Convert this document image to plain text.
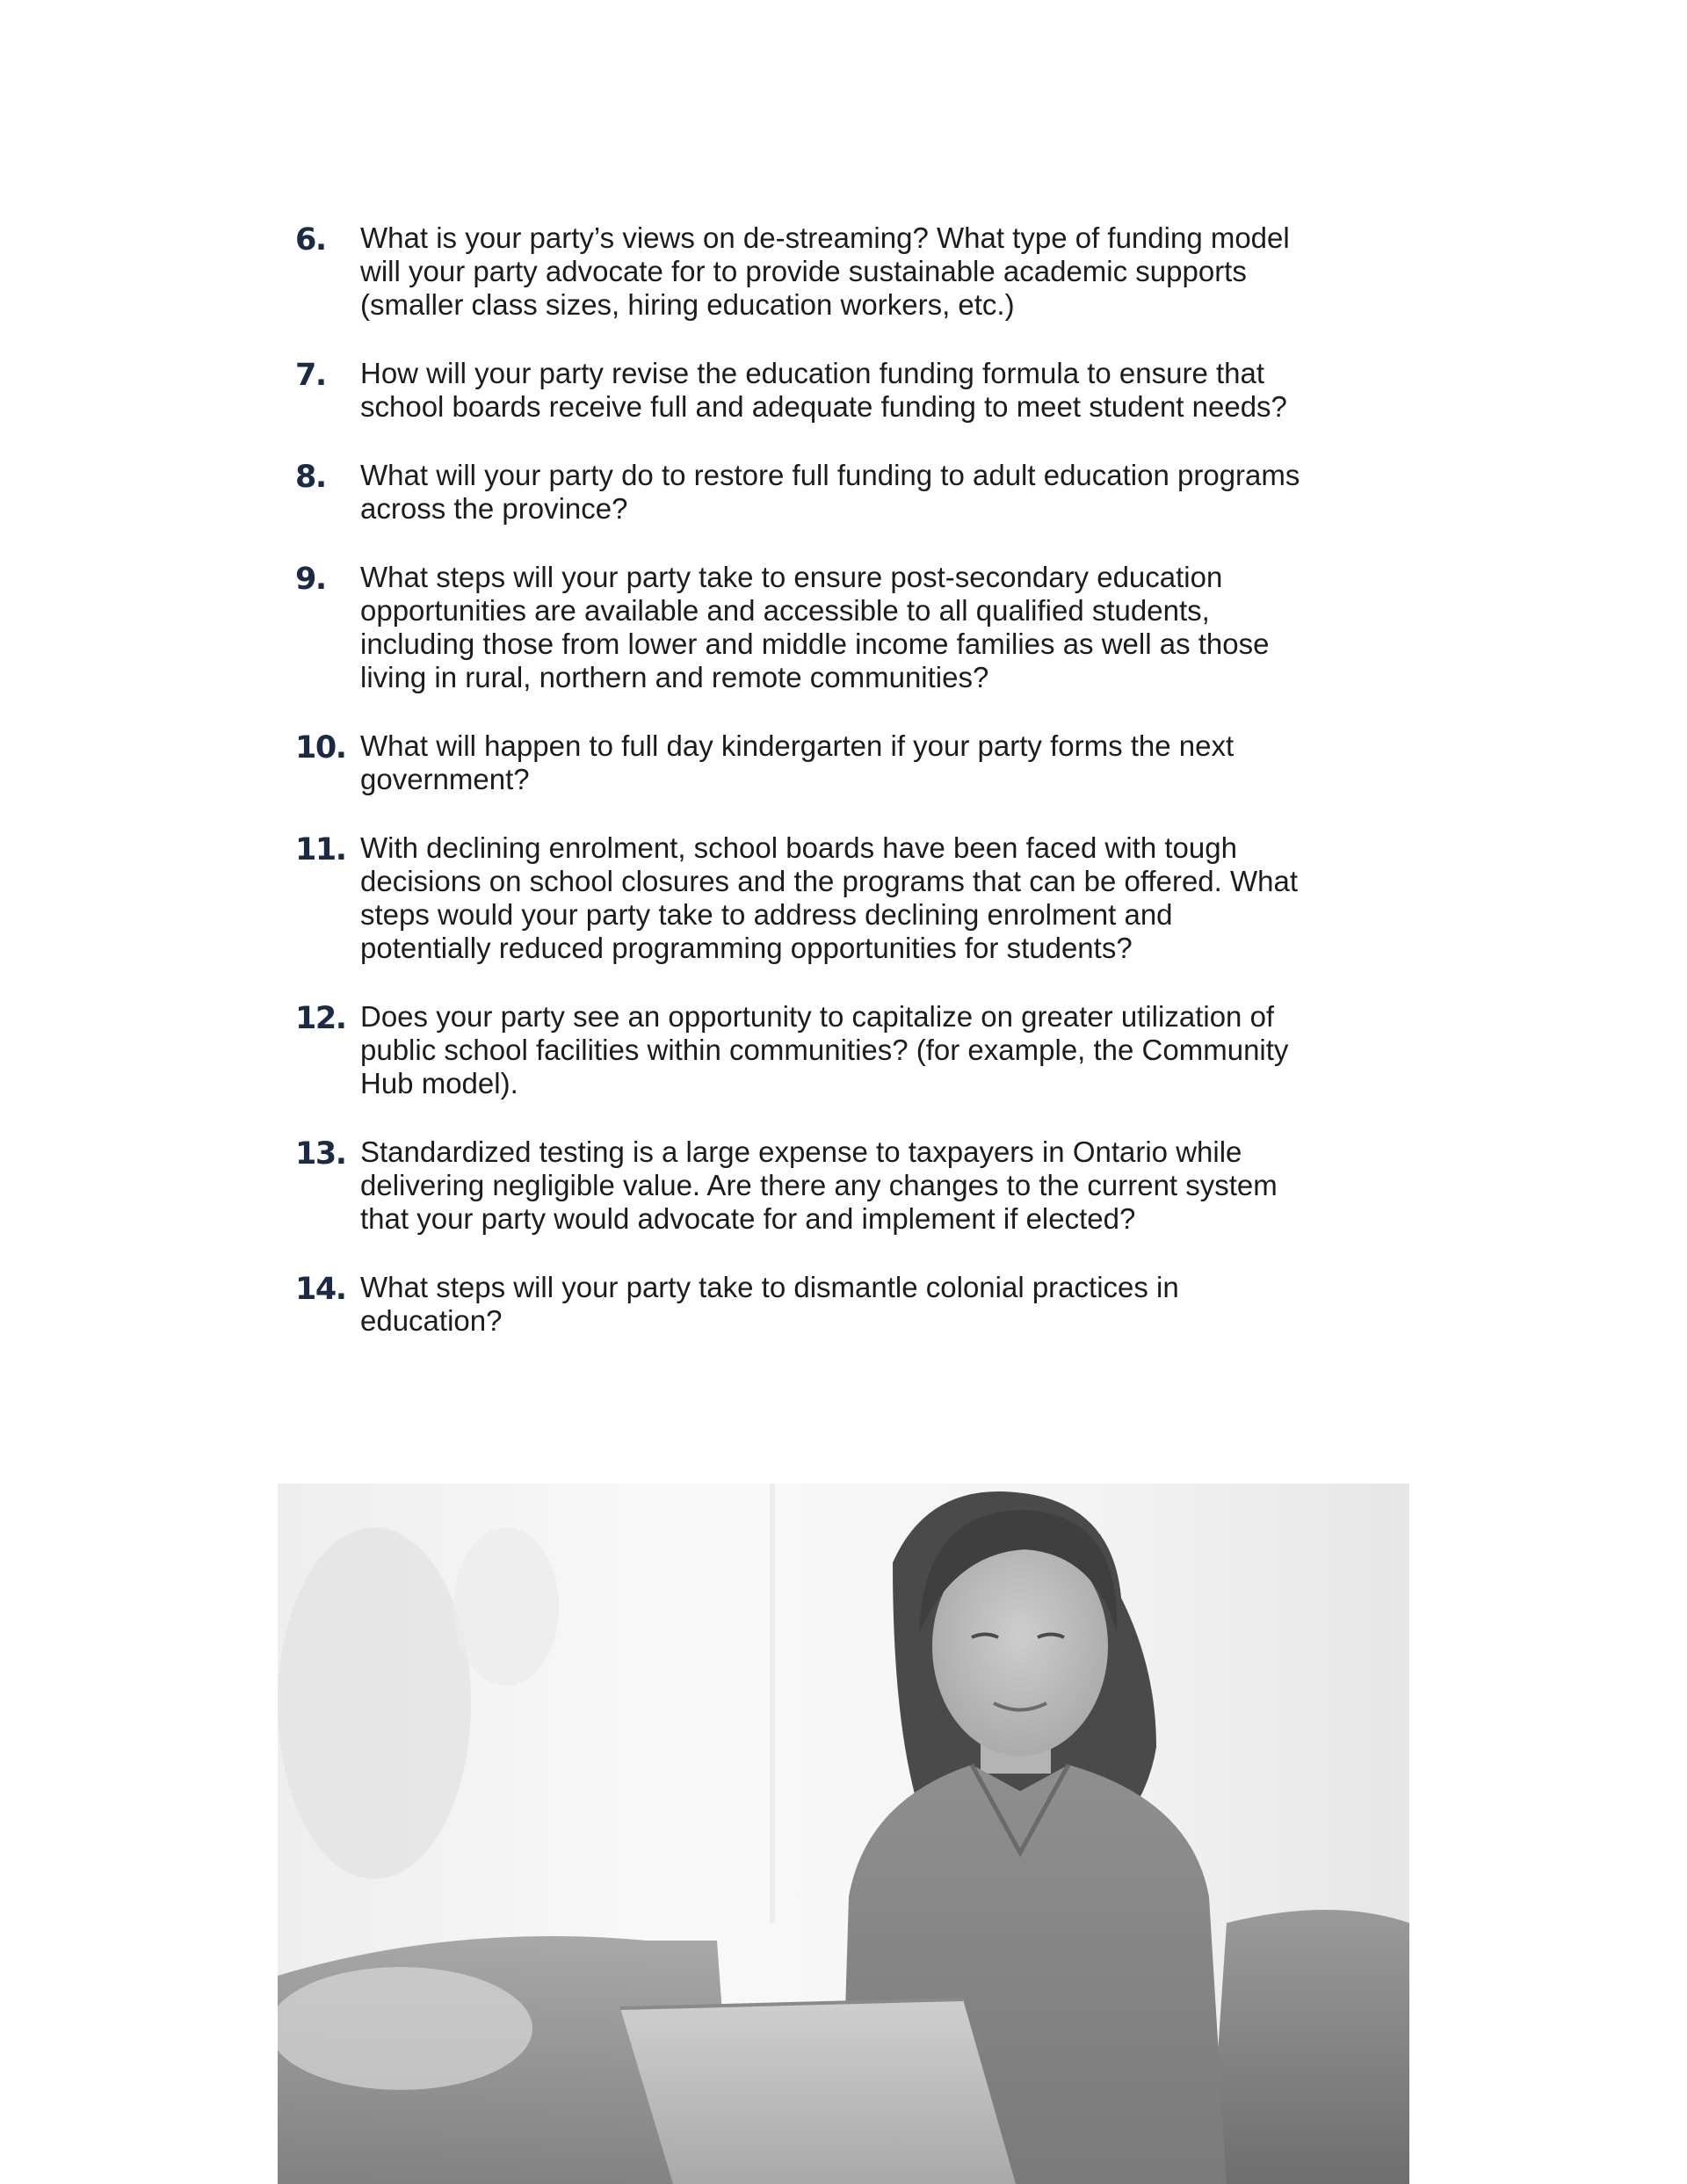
6.	What is your party’s views on de-streaming? What type of funding model will your party advocate for to provide sustainable academic supports (smaller class sizes, hiring education workers, etc.)
7.	How will your party revise the education funding formula to ensure that school boards receive full and adequate funding to meet student needs?
8.	What will your party do to restore full funding to adult education programs across the province?
9.	What steps will your party take to ensure post-secondary education opportunities are available and accessible to all qualified students, including those from lower and middle income families as well as those living in rural, northern and remote communities?
10. What will happen to full day kindergarten if your party forms the next government?
11. With declining enrolment, school boards have been faced with tough decisions on school closures and the programs that can be offered. What steps would your party take to address declining enrolment and potentially reduced programming opportunities for students?
12. Does your party see an opportunity to capitalize on greater utilization of public school facilities within communities? (for example, the Community Hub model).
13. Standardized testing is a large expense to taxpayers in Ontario while delivering negligible value. Are there any changes to the current system that your party would advocate for and implement if elected?
14. What steps will your party take to dismantle colonial practices in education?
